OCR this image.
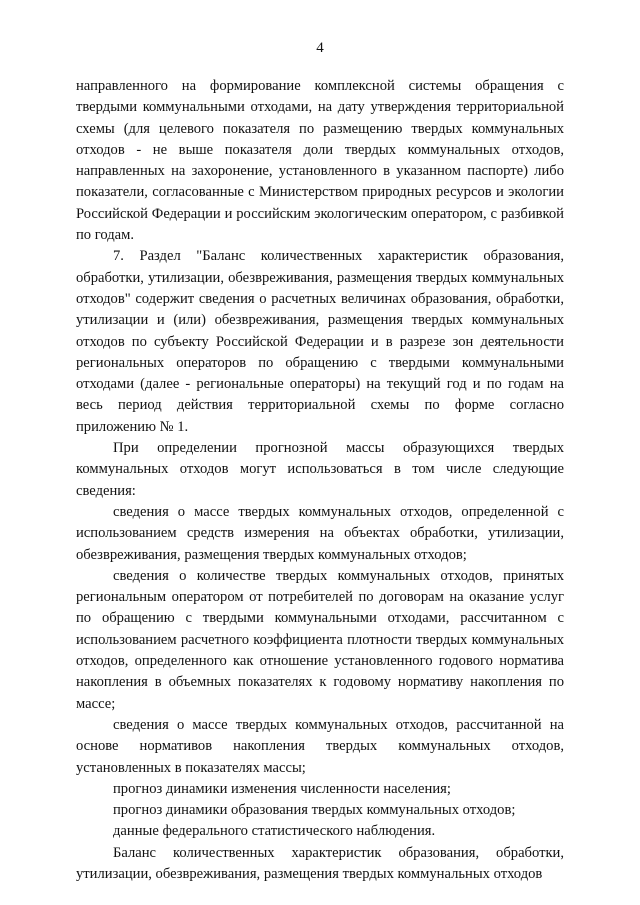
4

направленного на формирование комплексной системы обращения с твердыми коммунальными отходами, на дату утверждения территориальной схемы (для целевого показателя по размещению твердых коммунальных отходов - не выше показателя доли твердых коммунальных отходов, направленных на захоронение, установленного в указанном паспорте) либо показатели, согласованные с Министерством природных ресурсов и экологии Российской Федерации и российским экологическим оператором, с разбивкой по годам.

7. Раздел "Баланс количественных характеристик образования, обработки, утилизации, обезвреживания, размещения твердых коммунальных отходов" содержит сведения о расчетных величинах образования, обработки, утилизации и (или) обезвреживания, размещения твердых коммунальных отходов по субъекту Российской Федерации и в разрезе зон деятельности региональных операторов по обращению с твердыми коммунальными отходами (далее - региональные операторы) на текущий год и по годам на весь период действия территориальной схемы по форме согласно приложению № 1.

При определении прогнозной массы образующихся твердых коммунальных отходов могут использоваться в том числе следующие сведения:

сведения о массе твердых коммунальных отходов, определенной с использованием средств измерения на объектах обработки, утилизации, обезвреживания, размещения твердых коммунальных отходов;

сведения о количестве твердых коммунальных отходов, принятых региональным оператором от потребителей по договорам на оказание услуг по обращению с твердыми коммунальными отходами, рассчитанном с использованием расчетного коэффициента плотности твердых коммунальных отходов, определенного как отношение установленного годового норматива накопления в объемных показателях к годовому нормативу накопления по массе;

сведения о массе твердых коммунальных отходов, рассчитанной на основе нормативов накопления твердых коммунальных отходов, установленных в показателях массы;

прогноз динамики изменения численности населения;

прогноз динамики образования твердых коммунальных отходов;

данные федерального статистического наблюдения.

Баланс количественных характеристик образования, обработки, утилизации, обезвреживания, размещения твердых коммунальных отходов
